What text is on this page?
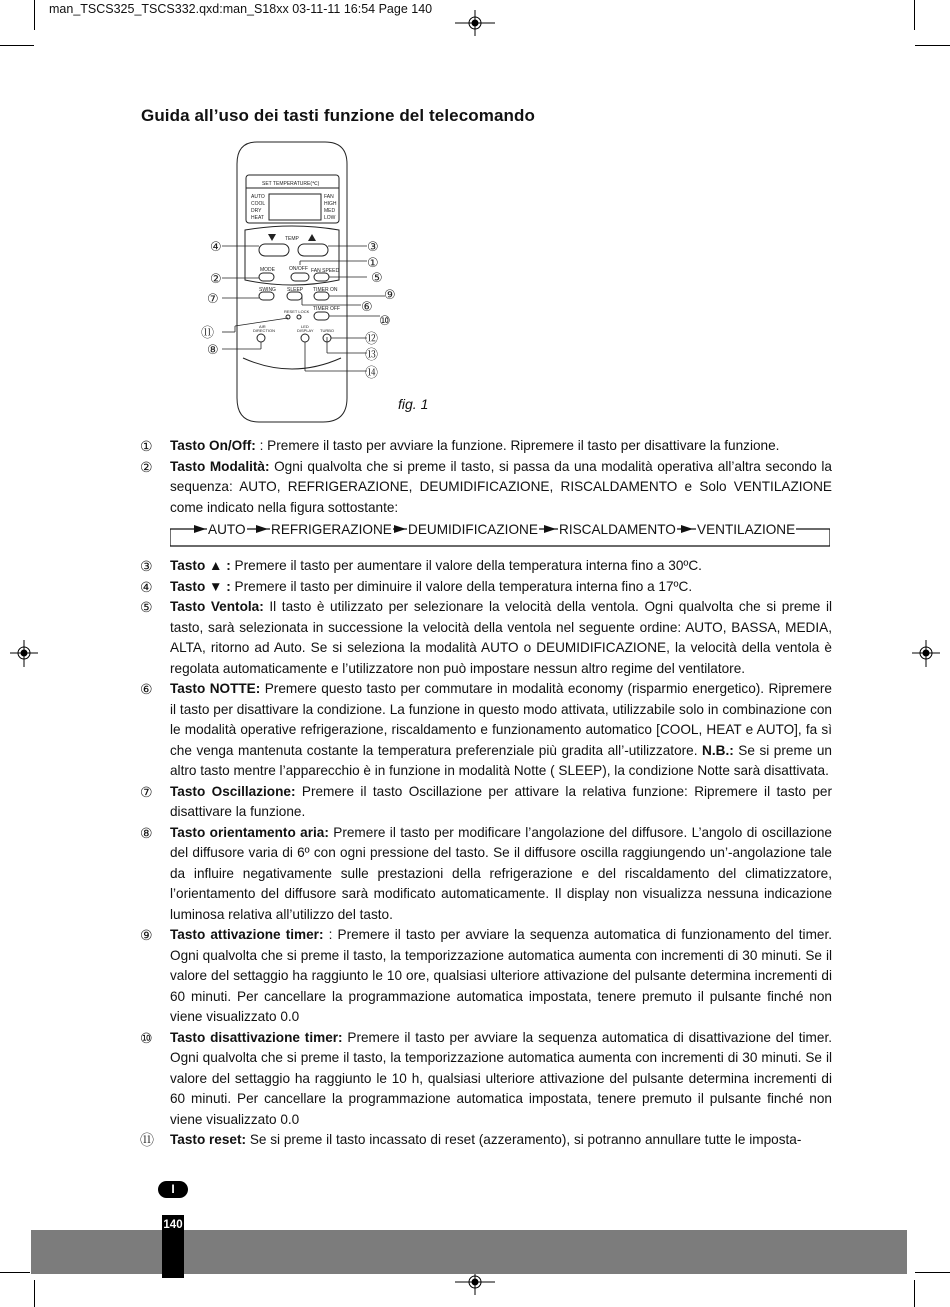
man_TSCS325_TSCS332.qxd:man_S18xx 03-11-11 16:54 Page 140
Guida all’uso dei tasti funzione del telecomando
SET TEMPERATURE(℃)
AUTO
COOL
DRY
HEAT
FAN
HIGH
MED
LOW
TEMP
MODE	ON/OFF FAN SPEED
SWING SLEEP TIMER ON
RESET LOCK TIMER OFF
AIR
DIRECTION
LED
DISPLAY TURBO
④	③
①
②	⑤
⑦	⑨
⑥
⑩
⑪	⑫
⑧	⑬
⑭
fig. 1
①	Tasto On/Off: : Premere il tasto per avviare la funzione. Ripremere il tasto per disattivare la funzione.
②	Tasto Modalità: Ogni qualvolta che si preme il tasto, si passa da una modalità operativa all’altra secondo la sequenza: AUTO, REFRIGERAZIONE, DEUMIDIFICAZIONE, RISCALDAMENTO e Solo VENTILAZIONE come indicato nella figura sottostante:
AUTO REFRIGERAZIONE DEUMIDIFICAZIONE RISCALDAMENTO VENTILAZIONE
③	Tasto ▲ : Premere il tasto per aumentare il valore della temperatura interna fino a 30ºC.
④	Tasto ▼ : Premere il tasto per diminuire il valore della temperatura interna fino a 17ºC.
⑤	Tasto Ventola: Il tasto è utilizzato per selezionare la velocità della ventola. Ogni qualvolta che si preme il tasto, sarà selezionata in successione la velocità della ventola nel seguente ordine: AUTO, BASSA, MEDIA, ALTA, ritorno ad Auto. Se si seleziona la modalità AUTO o DEUMIDIFICAZIONE, la velocità della ventola è regolata automaticamente e l’utilizzatore non può impostare nessun altro regime del ventilatore.
⑥	Tasto NOTTE: Premere questo tasto per commutare in modalità economy (risparmio energetico). Ripremere il tasto per disattivare la condizione. La funzione in questo modo attivata, utilizzabile solo in combinazione con le modalità operative refrigerazione, riscaldamento e funzionamento automatico [COOL, HEAT e AUTO], fa sì che venga mantenuta costante la temperatura preferenziale più gradita all’-utilizzatore. N.B.: Se si preme un altro tasto mentre l’apparecchio è in funzione in modalità Notte ( SLEEP), la condizione Notte sarà disattivata.
⑦	Tasto Oscillazione: Premere il tasto Oscillazione per attivare la relativa funzione: Ripremere il tasto per disattivare la funzione.
⑧	Tasto orientamento aria: Premere il tasto per modificare l’angolazione del diffusore. L’angolo di oscillazione del diffusore varia di 6º con ogni pressione del tasto. Se il diffusore oscilla raggiungendo un’-angolazione tale da influire negativamente sulle prestazioni della refrigerazione e del riscaldamento del climatizzatore, l’orientamento del diffusore sarà modificato automaticamente. Il display non visualizza nessuna indicazione luminosa relativa all’utilizzo del tasto.
⑨	Tasto attivazione timer: : Premere il tasto per avviare la sequenza automatica di funzionamento del timer. Ogni qualvolta che si preme il tasto, la temporizzazione automatica aumenta con incrementi di 30 minuti. Se il valore del settaggio ha raggiunto le 10 ore, qualsiasi ulteriore attivazione del pulsante determina incrementi di 60 minuti. Per cancellare la programmazione automatica impostata, tenere premuto il pulsante finché non viene visualizzato 0.0
⑩	Tasto disattivazione timer: Premere il tasto per avviare la sequenza automatica di disattivazione del timer. Ogni qualvolta che si preme il tasto, la temporizzazione automatica aumenta con incrementi di 30 minuti. Se il valore del settaggio ha raggiunto le 10 h, qualsiasi ulteriore attivazione del pulsante determina incrementi di 60 minuti. Per cancellare la programmazione automatica impostata, tenere premuto il pulsante finché non viene visualizzato 0.0
⑪	Tasto reset: Se si preme il tasto incassato di reset (azzeramento), si potranno annullare tutte le imposta-
I
140
